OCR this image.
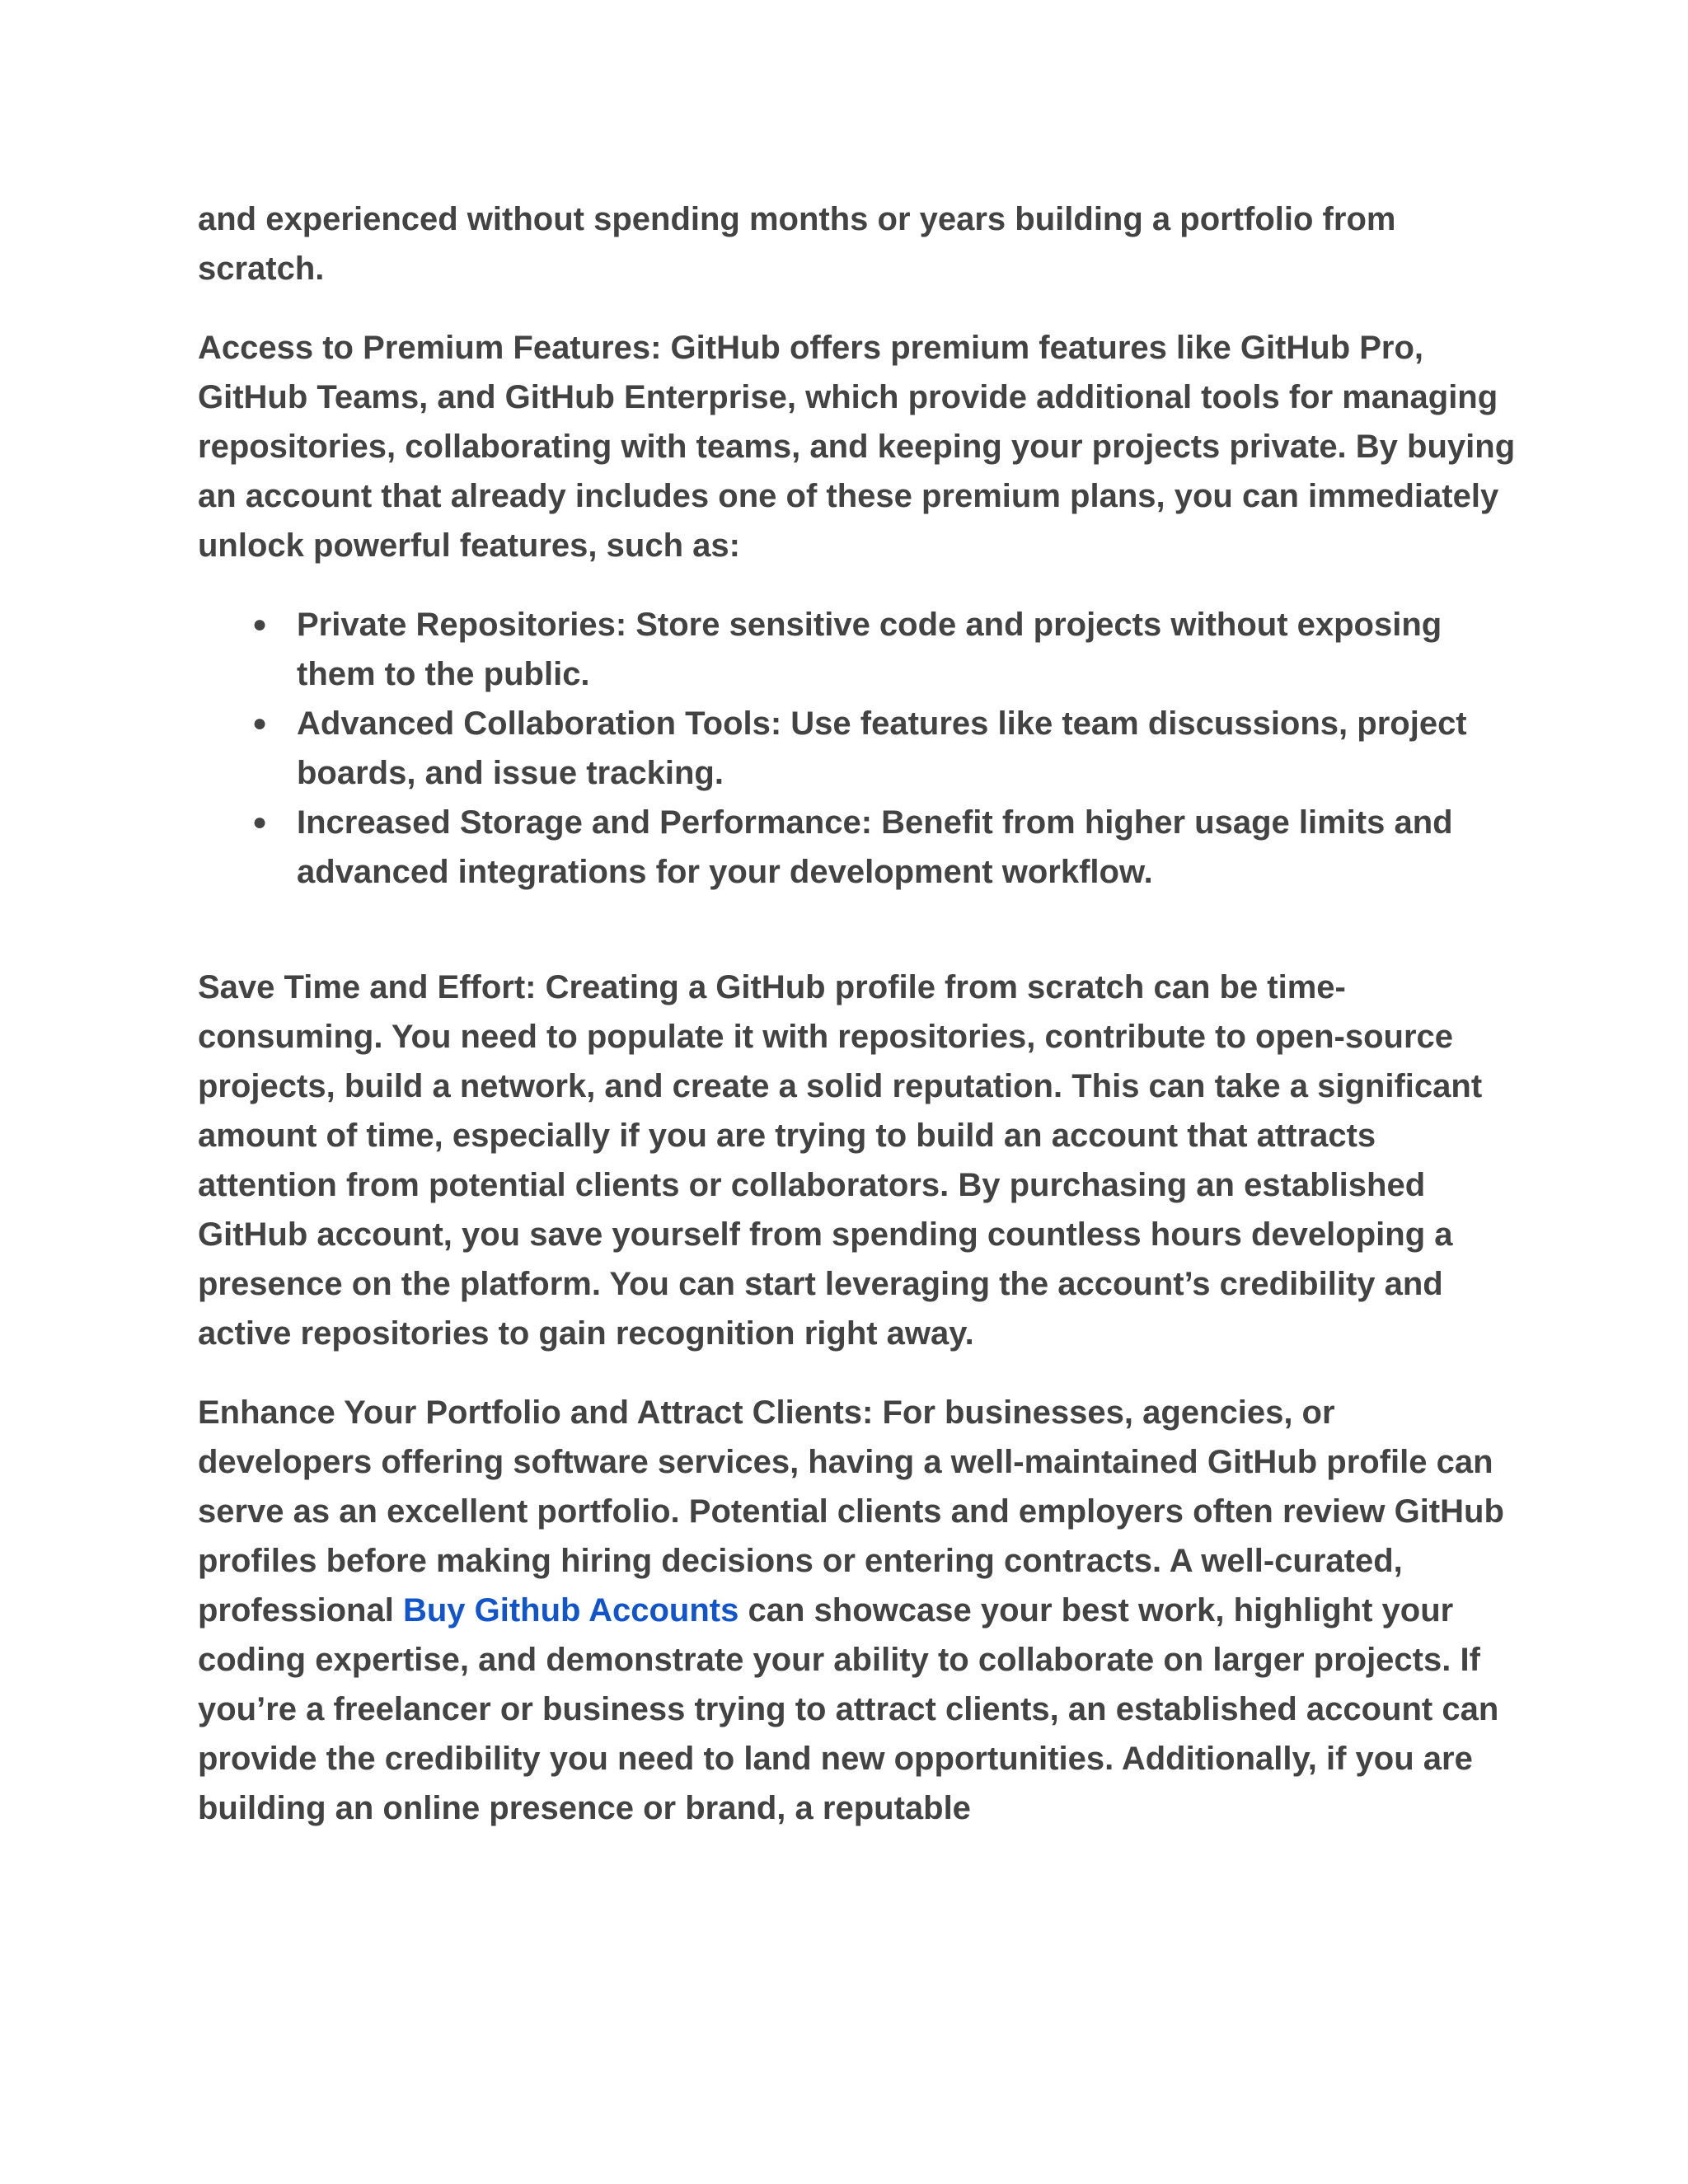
and experienced without spending months or years building a portfolio from scratch.

Access to Premium Features: GitHub offers premium features like GitHub Pro, GitHub Teams, and GitHub Enterprise, which provide additional tools for managing repositories, collaborating with teams, and keeping your projects private. By buying an account that already includes one of these premium plans, you can immediately unlock powerful features, such as:

● Private Repositories: Store sensitive code and projects without exposing them to the public.
● Advanced Collaboration Tools: Use features like team discussions, project boards, and issue tracking.
● Increased Storage and Performance: Benefit from higher usage limits and advanced integrations for your development workflow.

Save Time and Effort: Creating a GitHub profile from scratch can be time-consuming. You need to populate it with repositories, contribute to open-source projects, build a network, and create a solid reputation. This can take a significant amount of time, especially if you are trying to build an account that attracts attention from potential clients or collaborators. By purchasing an established GitHub account, you save yourself from spending countless hours developing a presence on the platform. You can start leveraging the account’s credibility and active repositories to gain recognition right away.

Enhance Your Portfolio and Attract Clients: For businesses, agencies, or developers offering software services, having a well-maintained GitHub profile can serve as an excellent portfolio. Potential clients and employers often review GitHub profiles before making hiring decisions or entering contracts. A well-curated, professional Buy Github Accounts can showcase your best work, highlight your coding expertise, and demonstrate your ability to collaborate on larger projects. If you’re a freelancer or business trying to attract clients, an established account can provide the credibility you need to land new opportunities. Additionally, if you are building an online presence or brand, a reputable
